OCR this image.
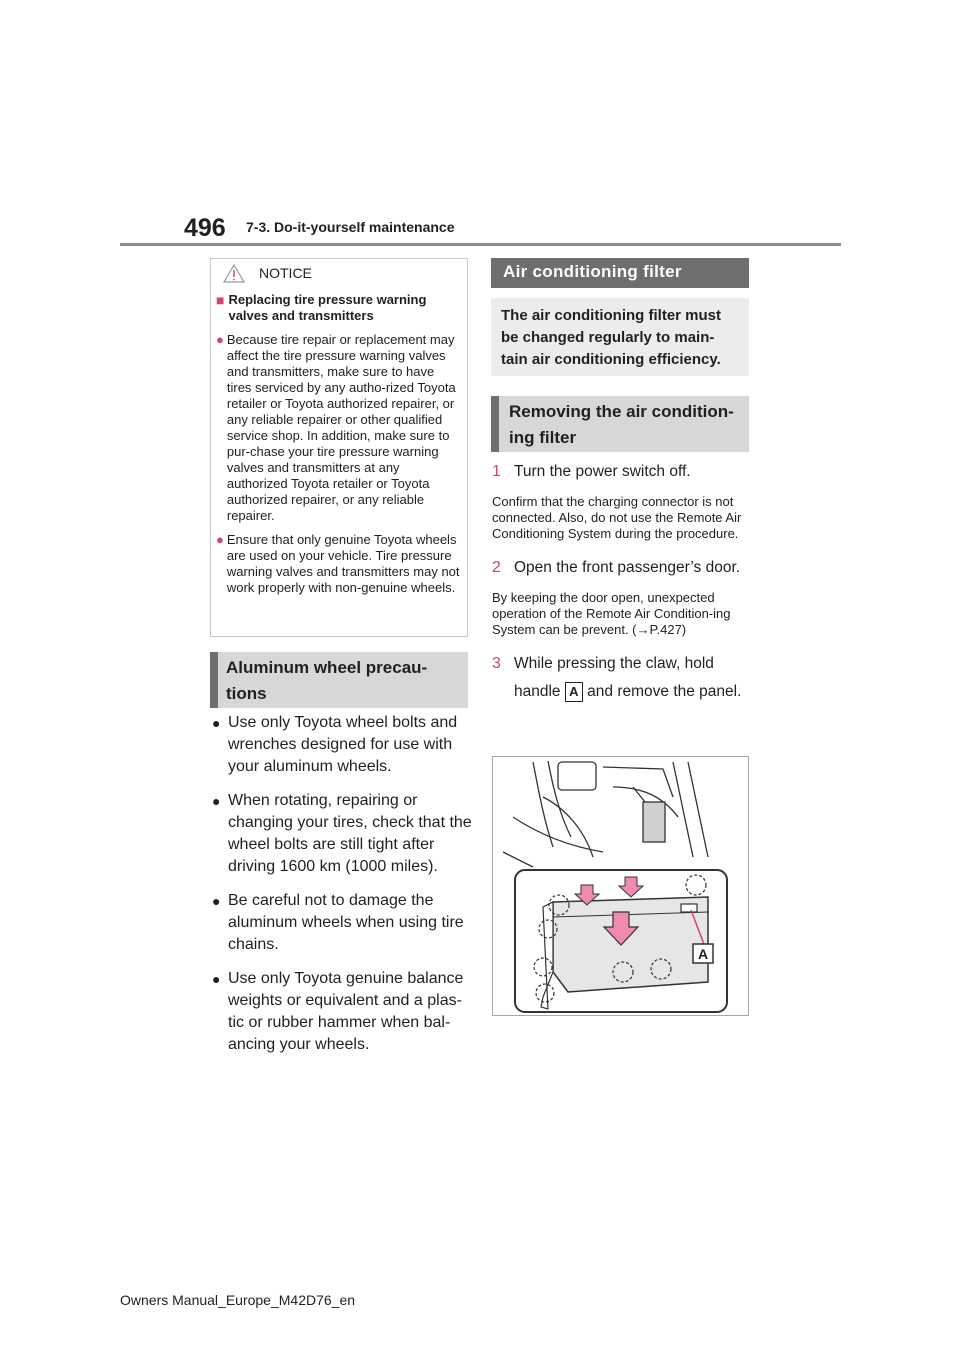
496 7-3. Do-it-yourself maintenance
NOTICE
■ Replacing tire pressure warning valves and transmitters
● Because tire repair or replacement may affect the tire pressure warning valves and transmitters, make sure to have tires serviced by any autho-rized Toyota retailer or Toyota authorized repairer, or any reliable repairer or other qualified service shop. In addition, make sure to pur-chase your tire pressure warning valves and transmitters at any authorized Toyota retailer or Toyota authorized repairer, or any reliable repairer.
● Ensure that only genuine Toyota wheels are used on your vehicle. Tire pressure warning valves and transmitters may not work properly with non-genuine wheels.
Aluminum wheel precau-tions
● Use only Toyota wheel bolts and wrenches designed for use with your aluminum wheels.
● When rotating, repairing or changing your tires, check that the wheel bolts are still tight after driving 1600 km (1000 miles).
● Be careful not to damage the aluminum wheels when using tire chains.
● Use only Toyota genuine balance weights or equivalent and a plas-tic or rubber hammer when bal-ancing your wheels.
Air conditioning filter
The air conditioning filter must be changed regularly to main-tain air conditioning efficiency.
Removing the air condition-ing filter
1 Turn the power switch off.
Confirm that the charging connector is not connected. Also, do not use the Remote Air Conditioning System during the procedure.
2 Open the front passenger’s door.
By keeping the door open, unexpected operation of the Remote Air Condition-ing System can be prevent. (→P.427)
3 While pressing the claw, hold handle A and remove the panel.
A
Owners Manual_Europe_M42D76_en
